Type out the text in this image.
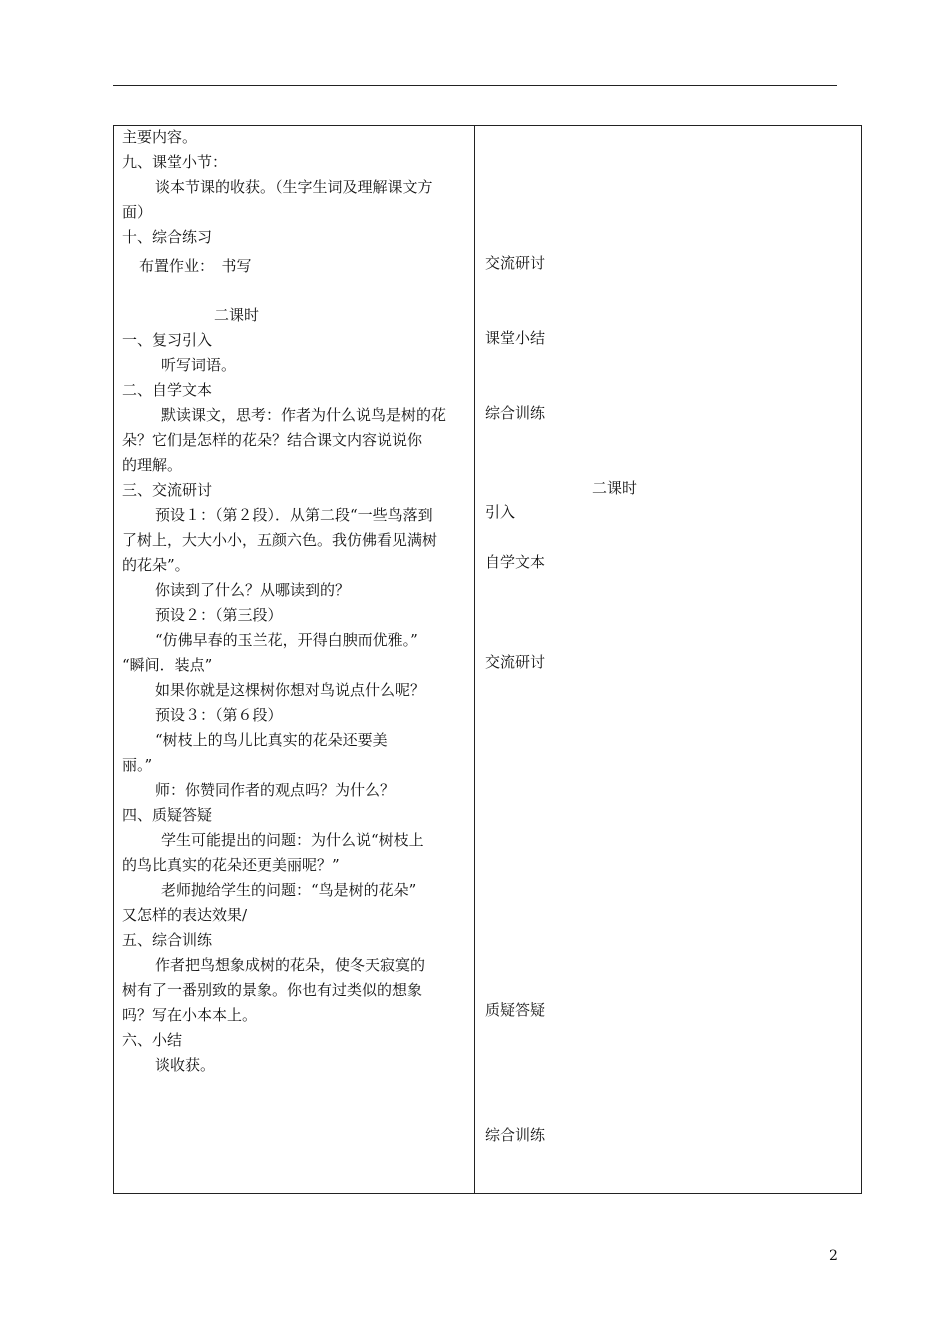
主要内容。
九、课堂小节：
谈本节课的收获。（生字生词及理解课文方
面）
十、综合练习
布置作业：　书写
二课时
一、复习引入
听写词语。
二、自学文本
默读课文，思考：作者为什么说鸟是树的花
朵？它们是怎样的花朵？结合课文内容说说你
的理解。
三、交流研讨
预设１：（第２段）．从第二段“一些鸟落到
了树上，大大小小，五颜六色。我仿佛看见满树
的花朵”。
你读到了什么？从哪读到的？
预设２：（第三段）
“仿佛早春的玉兰花，开得白腴而优雅。”
“瞬间．装点”
如果你就是这棵树你想对鸟说点什么呢？
预设３：（第６段）
“树枝上的鸟儿比真实的花朵还要美
丽。”
师：你赞同作者的观点吗？为什么？
四、质疑答疑
学生可能提出的问题：为什么说“树枝上
的鸟比真实的花朵还更美丽呢？”
老师抛给学生的问题：“鸟是树的花朵”
又怎样的表达效果/
五、综合训练
作者把鸟想象成树的花朵，使冬天寂寞的
树有了一番别致的景象。你也有过类似的想象
吗？写在小本本上。
六、小结
谈收获。
交流研讨
课堂小结
综合训练
二课时
引入
自学文本
交流研讨
质疑答疑
综合训练
2
